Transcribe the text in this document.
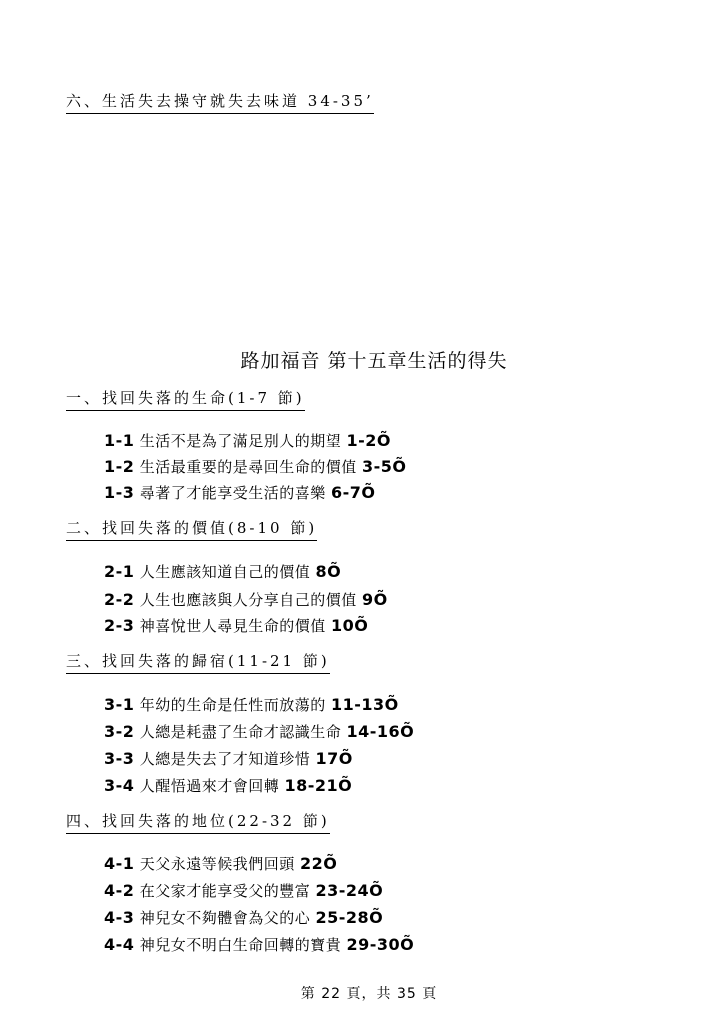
六、生活失去操守就失去味道 34-35’
路加福音 第十五章生活的得失
一、找回失落的生命(1-7 節)
1-1 生活不是為了滿足別人的期望 1-2Õ
1-2 生活最重要的是尋回生命的價值 3-5Õ
1-3 尋著了才能享受生活的喜樂 6-7Õ
二、找回失落的價值(8-10 節)
2-1 人生應該知道自己的價值 8Õ
2-2 人生也應該與人分享自己的價值 9Õ
2-3 神喜悅世人尋見生命的價值 10Õ
三、找回失落的歸宿(11-21 節)
3-1 年幼的生命是任性而放蕩的 11-13Õ
3-2 人總是耗盡了生命才認識生命 14-16Õ
3-3 人總是失去了才知道珍惜 17Õ
3-4 人醒悟過來才會回轉 18-21Õ
四、找回失落的地位(22-32 節)
4-1 天父永遠等候我們回頭 22Õ
4-2 在父家才能享受父的豐富 23-24Õ
4-3 神兒女不夠體會為父的心 25-28Õ
4-4 神兒女不明白生命回轉的寶貴 29-30Õ
第 22 頁，共 35 頁
